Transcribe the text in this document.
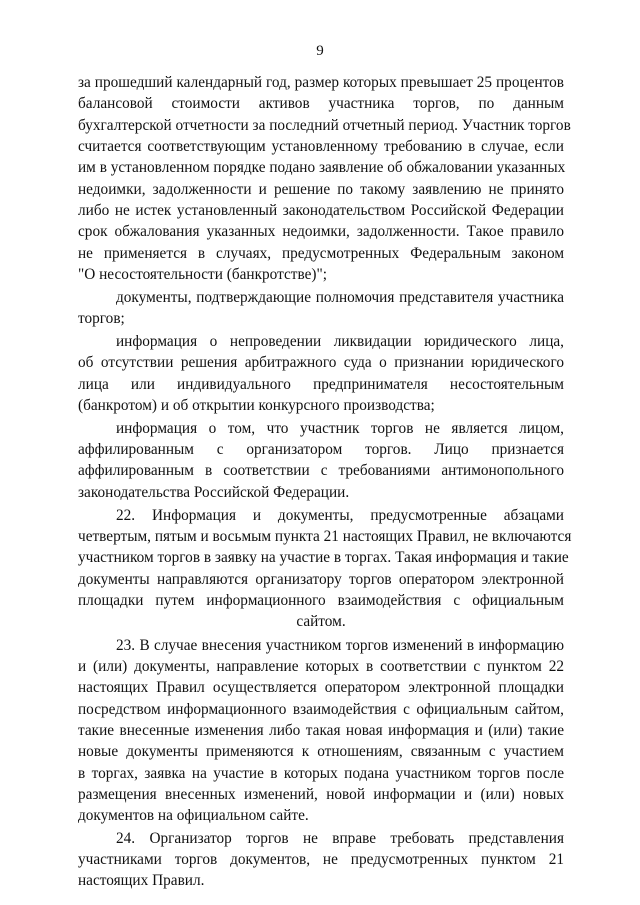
9
за прошедший календарный год, размер которых превышает 25 процентов
балансовой стоимости активов участника торгов, по данным
бухгалтерской отчетности за последний отчетный период. Участник торгов
считается соответствующим установленному требованию в случае, если
им в установленном порядке подано заявление об обжаловании указанных
недоимки, задолженности и решение по такому заявлению не принято
либо не истек установленный законодательством Российской Федерации
срок обжалования указанных недоимки, задолженности. Такое правило
не применяется в случаях, предусмотренных Федеральным законом
"О несостоятельности (банкротстве)";
документы, подтверждающие полномочия представителя участника
торгов;
информация о непроведении ликвидации юридического лица,
об отсутствии решения арбитражного суда о признании юридического
лица или индивидуального предпринимателя несостоятельным
(банкротом) и об открытии конкурсного производства;
информация о том, что участник торгов не является лицом,
аффилированным с организатором торгов. Лицо признается
аффилированным в соответствии с требованиями антимонопольного
законодательства Российской Федерации.
22. Информация и документы, предусмотренные абзацами
четвертым, пятым и восьмым пункта 21 настоящих Правил, не включаются
участником торгов в заявку на участие в торгах. Такая информация и такие
документы направляются организатору торгов оператором электронной
площадки путем информационного взаимодействия с официальным
сайтом.
23. В случае внесения участником торгов изменений в информацию
и (или) документы, направление которых в соответствии с пунктом 22
настоящих Правил осуществляется оператором электронной площадки
посредством информационного взаимодействия с официальным сайтом,
такие внесенные изменения либо такая новая информация и (или) такие
новые документы применяются к отношениям, связанным с участием
в торгах, заявка на участие в которых подана участником торгов после
размещения внесенных изменений, новой информации и (или) новых
документов на официальном сайте.
24. Организатор торгов не вправе требовать представления
участниками торгов документов, не предусмотренных пунктом 21
настоящих Правил.
